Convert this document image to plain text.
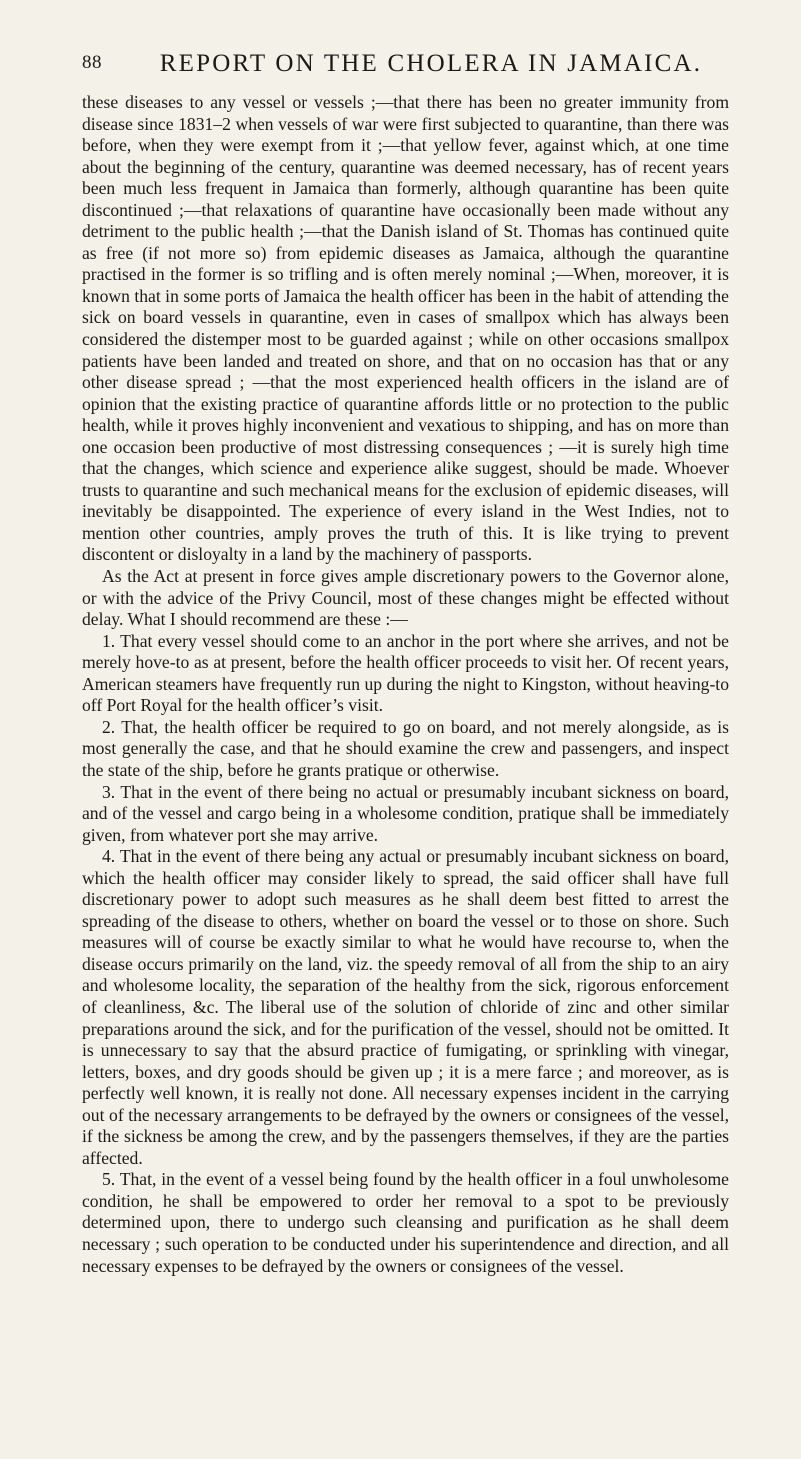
88	REPORT ON THE CHOLERA IN JAMAICA.

these diseases to any vessel or vessels ;—that there has been no greater immunity from disease since 1831–2 when vessels of war were first subjected to quarantine, than there was before, when they were exempt from it ;—that yellow fever, against which, at one time about the beginning of the century, quarantine was deemed necessary, has of recent years been much less frequent in Jamaica than formerly, although quarantine has been quite discontinued ;—that relaxations of quarantine have occasionally been made without any detriment to the public health ;—that the Danish island of St. Thomas has continued quite as free (if not more so) from epidemic diseases as Jamaica, although the quarantine practised in the former is so trifling and is often merely nominal ;—When, moreover, it is known that in some ports of Jamaica the health officer has been in the habit of attending the sick on board vessels in quarantine, even in cases of smallpox which has always been considered the distemper most to be guarded against ; while on other occasions smallpox patients have been landed and treated on shore, and that on no occasion has that or any other disease spread ; —that the most experienced health officers in the island are of opinion that the existing practice of quarantine affords little or no protection to the public health, while it proves highly inconvenient and vexatious to shipping, and has on more than one occasion been productive of most distressing consequences ; —it is surely high time that the changes, which science and experience alike suggest, should be made. Whoever trusts to quarantine and such mechanical means for the exclusion of epidemic diseases, will inevitably be disappointed. The experience of every island in the West Indies, not to mention other countries, amply proves the truth of this. It is like trying to prevent discontent or disloyalty in a land by the machinery of passports.

As the Act at present in force gives ample discretionary powers to the Governor alone, or with the advice of the Privy Council, most of these changes might be effected without delay. What I should recommend are these :—

1. That every vessel should come to an anchor in the port where she arrives, and not be merely hove-to as at present, before the health officer proceeds to visit her. Of recent years, American steamers have frequently run up during the night to Kingston, without heaving-to off Port Royal for the health officer’s visit.

2. That, the health officer be required to go on board, and not merely alongside, as is most generally the case, and that he should examine the crew and passengers, and inspect the state of the ship, before he grants pratique or otherwise.

3. That in the event of there being no actual or presumably incubant sickness on board, and of the vessel and cargo being in a wholesome condition, pratique shall be immediately given, from whatever port she may arrive.

4. That in the event of there being any actual or presumably incubant sickness on board, which the health officer may consider likely to spread, the said officer shall have full discretionary power to adopt such measures as he shall deem best fitted to arrest the spreading of the disease to others, whether on board the vessel or to those on shore. Such measures will of course be exactly similar to what he would have recourse to, when the disease occurs primarily on the land, viz. the speedy removal of all from the ship to an airy and wholesome locality, the separation of the healthy from the sick, rigorous enforcement of cleanliness, &c. The liberal use of the solution of chloride of zinc and other similar preparations around the sick, and for the purification of the vessel, should not be omitted. It is unnecessary to say that the absurd practice of fumigating, or sprinkling with vinegar, letters, boxes, and dry goods should be given up ; it is a mere farce ; and moreover, as is perfectly well known, it is really not done. All necessary expenses incident in the carrying out of the necessary arrangements to be defrayed by the owners or consignees of the vessel, if the sickness be among the crew, and by the passengers themselves, if they are the parties affected.

5. That, in the event of a vessel being found by the health officer in a foul unwholesome condition, he shall be empowered to order her removal to a spot to be previously determined upon, there to undergo such cleansing and purification as he shall deem necessary ; such operation to be conducted under his superintendence and direction, and all necessary expenses to be defrayed by the owners or consignees of the vessel.
